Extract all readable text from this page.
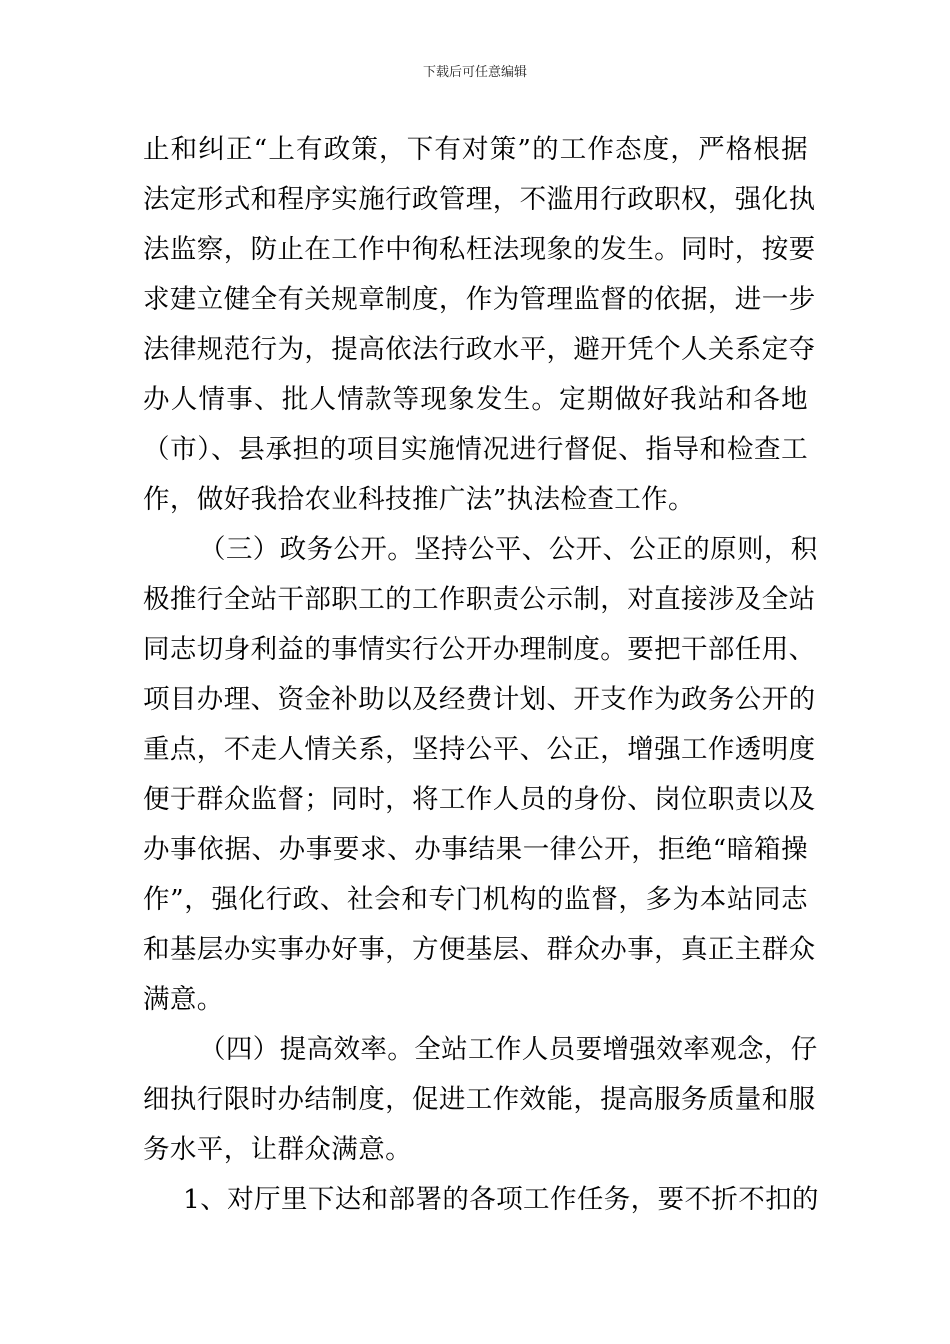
下载后可任意编辑
止和纠正“上有政策，下有对策”的工作态度，严格根据
法定形式和程序实施行政管理，不滥用行政职权，强化执
法监察，防止在工作中徇私枉法现象的发生。同时，按要
求建立健全有关规章制度，作为管理监督的依据，进一步
法律规范行为，提高依法行政水平，避开凭个人关系定夺
办人情事、批人情款等现象发生。定期做好我站和各地
（市）、县承担的项目实施情况进行督促、指导和检查工
作，做好我拾农业科技推广法”执法检查工作。
（三）政务公开。坚持公平、公开、公正的原则，积
极推行全站干部职工的工作职责公示制，对直接涉及全站
同志切身利益的事情实行公开办理制度。要把干部任用、
项目办理、资金补助以及经费计划、开支作为政务公开的
重点，不走人情关系，坚持公平、公正，增强工作透明度
便于群众监督；同时，将工作人员的身份、岗位职责以及
办事依据、办事要求、办事结果一律公开，拒绝“暗箱操
作”，强化行政、社会和专门机构的监督，多为本站同志
和基层办实事办好事，方便基层、群众办事，真正主群众
满意。
（四）提高效率。全站工作人员要增强效率观念，仔
细执行限时办结制度，促进工作效能，提高服务质量和服
务水平，让群众满意。
1、对厅里下达和部署的各项工作任务，要不折不扣的
